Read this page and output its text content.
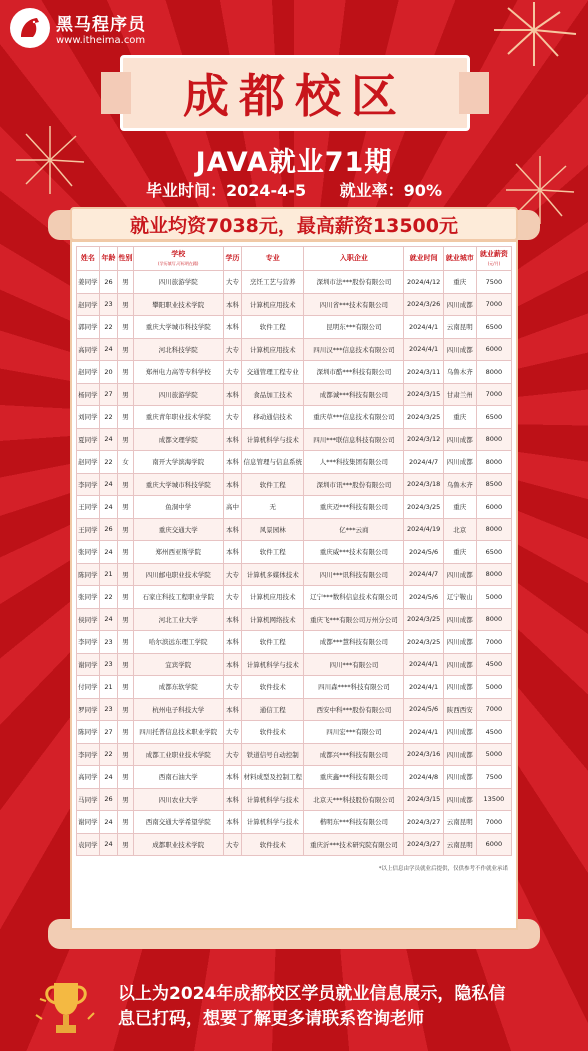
黑马程序员
www.itheima.com
成都校区
JAVA就业71期
毕业时间：2024-4-5 就业率：90%
姓名	年龄	性别	学校
(学历填写,可标明在籍)	学历	专业	入职企业	就业时间	就业城市	就业薪资
(元/月)

姜同学	26	男	四川旅游学院	大专	烹饪工艺与营养	深圳市法***股份有限公司	2024/4/12	重庆	7500
赵同学	23	男	攀阳职业技术学院	本科	计算机应用技术	四川省***技术有限公司	2024/3/26	四川成都	7000
郭同学	22	男	重庆大学城市科技学院	本科	软件工程	昆明东***有限公司	2024/4/1	云南昆明	6500
高同学	24	男	河北科技学院	大专	计算机应用技术	四川汉***信息技术有限公司	2024/4/1	四川成都	6000
赵同学	20	男	郑州电力高等专科学校	大专	交通管理工程专业	深圳市酷***科技有限公司	2024/3/11	乌鲁木齐	8000
杨同学	27	男	四川旅游学院	本科	食品加工技术	成都诚***科技有限公司	2024/3/15	甘肃兰州	7000
刘同学	22	男	重庆青年职业技术学院	大专	移动通信技术	重庆草***信息技术有限公司	2024/3/25	重庆	6500
夏同学	24	男	成都文理学院	本科	计算机科学与技术	四川***联信息科技有限公司	2024/3/12	四川成都	8000
赵同学	22	女	南开大学滨海学院	本科	信息管理与信息系统	人***科技集团有限公司	2024/4/7	四川成都	8000
李同学	24	男	重庆大学城市科技学院	本科	软件工程	深圳市讯***股份有限公司	2024/3/18	乌鲁木齐	8500
王同学	24	男	鱼洞中学	高中	无	重庆迈***科技有限公司	2024/3/25	重庆	6000
王同学	26	男	重庆交通大学	本科	风景园林	亿***云商	2024/4/19	北京	8000
张同学	24	男	郑州西亚斯学院	本科	软件工程	重庆威***技术有限公司	2024/5/6	重庆	6500
陈同学	21	男	四川邮电职业技术学院	大专	计算机多媒体技术	四川***讯科技有限公司	2024/4/7	四川成都	8000
张同学	22	男	石家庄科技工程职业学院	大专	计算机应用技术	辽宁***数科信息技术有限公司	2024/5/6	辽宁鞍山	5000
侯同学	24	男	河北工业大学	本科	计算机网络技术	重庆飞***有限公司万州分公司	2024/3/25	四川成都	8000
李同学	23	男	哈尔滨远东理工学院	本科	软件工程	成都***慧科技有限公司	2024/3/25	四川成都	7000
谢同学	23	男	宜宾学院	本科	计算机科学与技术	四川***有限公司	2024/4/1	四川成都	4500
付同学	21	男	成都东软学院	大专	软件技术	四川森****科技有限公司	2024/4/1	四川成都	5000
罗同学	23	男	杭州电子科技大学	本科	通信工程	西安中科***股份有限公司	2024/5/6	陕西西安	7000
陈同学	27	男	四川托普信息技术职业学院	大专	软件技术	四川宏***有限公司	2024/4/1	四川成都	4500
李同学	22	男	成都工业职业技术学院	大专	铁道信号自动控制	成都兴***科技有限公司	2024/3/16	四川成都	5000
高同学	24	男	西南石油大学	本科	材料成型及控制工程	重庆鑫***科技有限公司	2024/4/8	四川成都	7500
马同学	26	男	四川农业大学	本科	计算机科学与技术	北京天***科技股份有限公司	2024/3/15	四川成都	13500
谢同学	24	男	西南交通大学希望学院	本科	计算机科学与技术	楷明东***科技有限公司	2024/3/27	云南昆明	7000
袁同学	24	男	成都职业技术学院	大专	软件技术	重庆沂***技术研究院有限公司	2024/3/27	云南昆明	6000
*以上信息由学员就业后提供，仅供参考不作就业承诺
就业均资7038元，最高薪资13500元
以上为2024年成都校区学员就业信息展示，隐私信息已打码，想要了解更多请联系咨询老师
